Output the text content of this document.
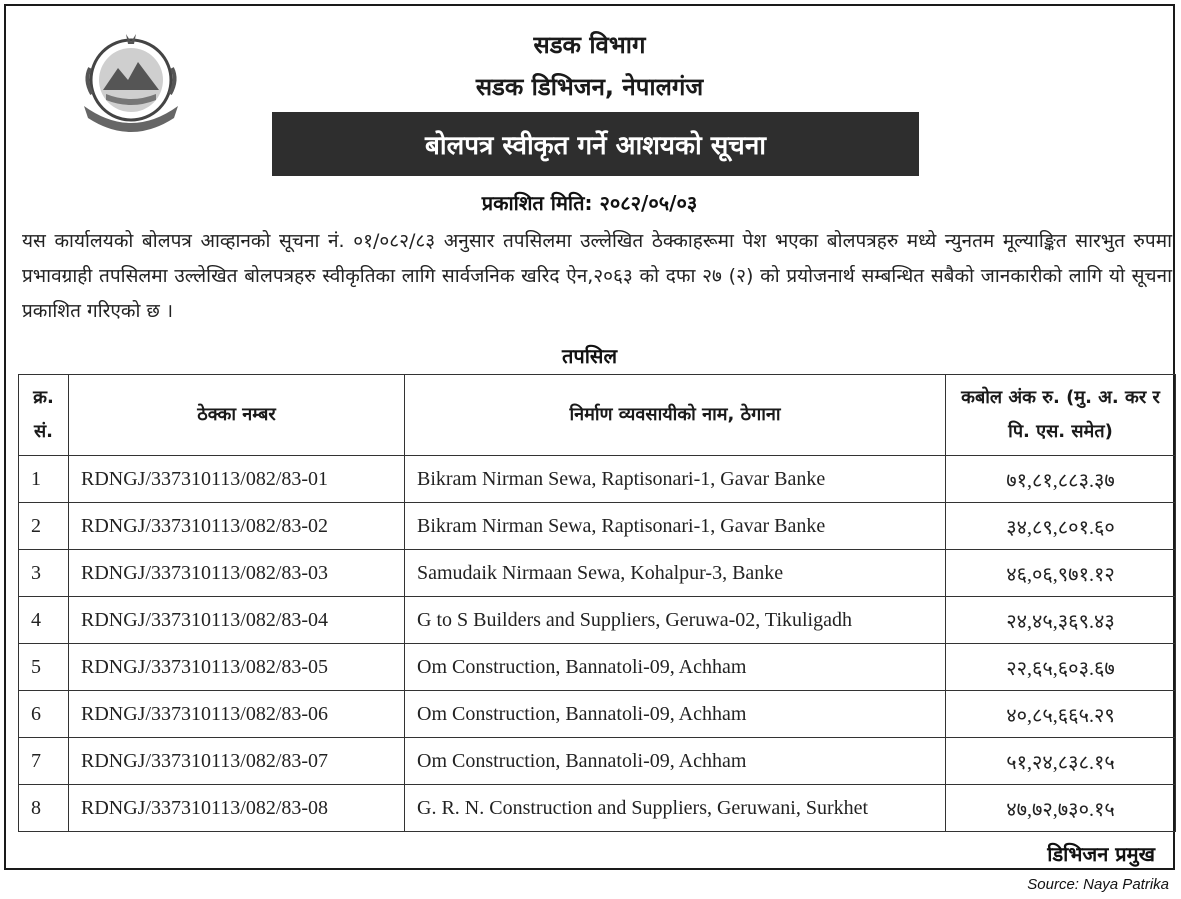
सडक विभाग
सडक डिभिजन, नेपालगंज
बोलपत्र स्वीकृत गर्ने आशयको सूचना
प्रकाशित मिति: २०८२/०५/०३
यस कार्यालयको बोलपत्र आव्हानको सूचना नं. ०१/०८२/८३ अनुसार तपसिलमा उल्लेखित ठेक्काहरूमा पेश भएका बोलपत्रहरु मध्ये न्युनतम मूल्याङ्कित सारभुत रुपमा प्रभावग्राही तपसिलमा उल्लेखित बोलपत्रहरु स्वीकृतिका लागि सार्वजनिक खरिद ऐन,२०६३ को दफा २७ (२) को प्रयोजनार्थ सम्बन्धित सबैको जानकारीको लागि यो सूचना प्रकाशित गरिएको छ ।
तपसिल
क्र. सं.	ठेक्का नम्बर	निर्माण व्यवसायीको नाम, ठेगाना	कबोल अंक रु. (मु. अ. कर र पि. एस. समेत)
1	RDNGJ/337310113/082/83-01	Bikram Nirman Sewa, Raptisonari-1, Gavar Banke	७१,८१,८८३.३७
2	RDNGJ/337310113/082/83-02	Bikram Nirman Sewa, Raptisonari-1, Gavar Banke	३४,८९,८०१.६०
3	RDNGJ/337310113/082/83-03	Samudaik Nirmaan Sewa, Kohalpur-3, Banke	४६,०६,९७१.१२
4	RDNGJ/337310113/082/83-04	G to S Builders and Suppliers, Geruwa-02, Tikuligadh	२४,४५,३६९.४३
5	RDNGJ/337310113/082/83-05	Om Construction, Bannatoli-09, Achham	२२,६५,६०३.६७
6	RDNGJ/337310113/082/83-06	Om Construction, Bannatoli-09, Achham	४०,८५,६६५.२९
7	RDNGJ/337310113/082/83-07	Om Construction, Bannatoli-09, Achham	५१,२४,८३८.१५
8	RDNGJ/337310113/082/83-08	G. R. N. Construction and Suppliers, Geruwani, Surkhet	४७,७२,७३०.१५
डिभिजन प्रमुख
Source: Naya Patrika
